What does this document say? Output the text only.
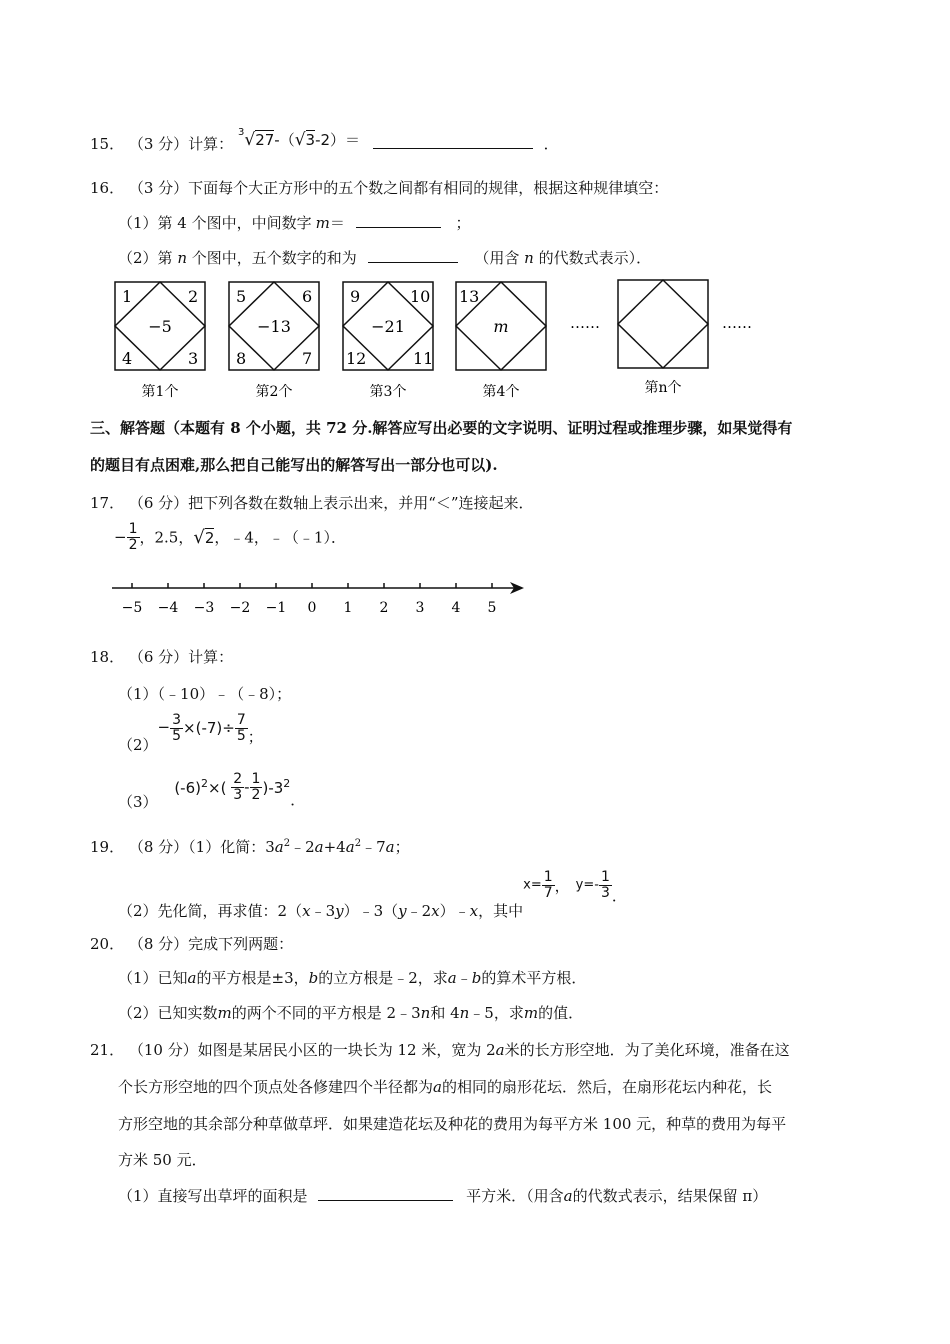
15． （3 分）计算： $^3$√27-（√3-2）＝	．
16． （3 分）下面每个大正方形中的五个数之间都有相同的规律，根据这种规律填空：
（1）第 4 个图中，中间数字 m＝	；
（2）第 n 个图中，五个数字的和为	（用含 n 的代数式表示）．
1	2
4	3
−5
第1个
5	6
8	7
−13
第2个
9	10
12	11
−21
第3个
13
m
第4个
……
第n个
……
三、解答题（本题有 8 个小题，共 72 分.解答应写出必要的文字说明、证明过程或推理步骤，如果觉得有
的题目有点困难,那么把自己能写出的解答写出一部分也可以).
17． （6 分）把下列各数在数轴上表示出来，并用“＜”连接起来．
− $\frac{1}{2}$ ，2.5，√2，﹣4，﹣（﹣1）．
−5 −4 −3 −2 −1 0 1 2 3 4 5
18． （6 分）计算：
（1）（﹣10）﹣（﹣8）；
$(2)- \frac{3}{5} \times(-7)\div \frac{7}{5}$ ；
（3） $(-6)^2\times( \frac{2}{3} - \frac{1}{2} )-3^2$．
19． （8 分）（1）化简：$3a^2﹣2a+4a^2﹣7a$；
（2）先化简，再求值：2（x﹣3y）﹣3（y﹣2x）﹣x，其中$x= \frac{1}{7}$ ， $y=- \frac{1}{3}$ ．
20． （8 分）完成下列两题：
（1）已知a的平方根是±3，b的立方根是﹣2，求a﹣b的算术平方根．
（2）已知实数m的两个不同的平方根是 2﹣3n和 4n﹣5，求m的值．
21． （10 分）如图是某居民小区的一块长为 12 米，宽为 2a米的长方形空地．为了美化环境，准备在这
个长方形空地的四个顶点处各修建四个半径都为a的相同的扇形花坛．然后，在扇形花坛内种花，长
方形空地的其余部分种草做草坪．如果建造花坛及种花的费用为每平方米 100 元，种草的费用为每平
方米 50 元．
（1）直接写出草坪的面积是	平方米．（用含a的代数式表示，结果保留 π）
